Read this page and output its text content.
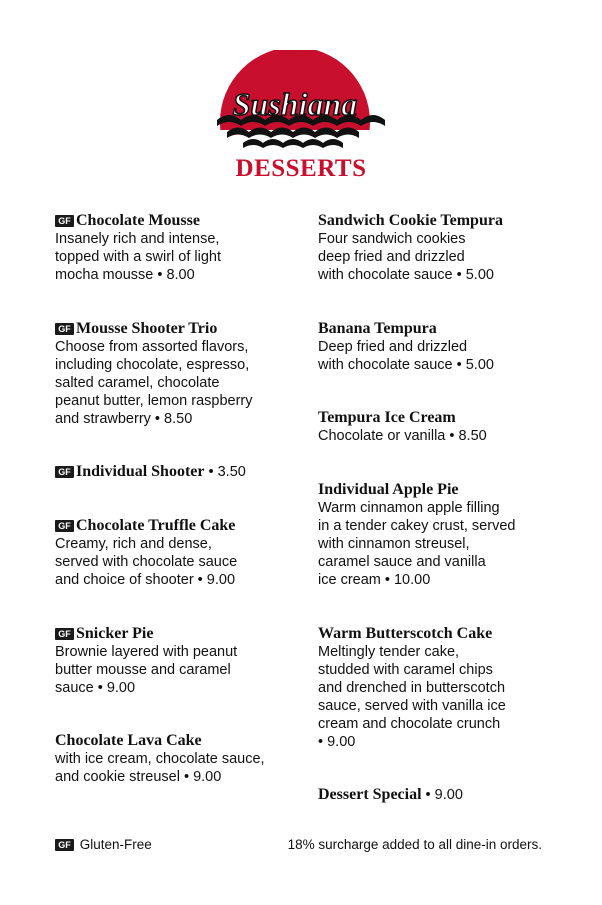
Sushiana
DESSERTS
GF Chocolate Mousse
Insanely rich and intense,
topped with a swirl of light
mocha mousse • 8.00
GF Mousse Shooter Trio
Choose from assorted flavors,
including chocolate, espresso,
salted caramel, chocolate
peanut butter, lemon raspberry
and strawberry • 8.50
GF Individual Shooter • 3.50
GF Chocolate Truffle Cake
Creamy, rich and dense,
served with chocolate sauce
and choice of shooter • 9.00
GF Snicker Pie
Brownie layered with peanut
butter mousse and caramel
sauce • 9.00
Chocolate Lava Cake
with ice cream, chocolate sauce,
and cookie streusel • 9.00
Sandwich Cookie Tempura
Four sandwich cookies
deep fried and drizzled
with chocolate sauce • 5.00
Banana Tempura
Deep fried and drizzled
with chocolate sauce • 5.00
Tempura Ice Cream
Chocolate or vanilla • 8.50
Individual Apple Pie
Warm cinnamon apple filling
in a tender cakey crust, served
with cinnamon streusel,
caramel sauce and vanilla
ice cream • 10.00
Warm Butterscotch Cake
Meltingly tender cake,
studded with caramel chips
and drenched in butterscotch
sauce, served with vanilla ice
cream and chocolate crunch
• 9.00
Dessert Special • 9.00
GF Gluten-Free	18% surcharge added to all dine-in orders.
